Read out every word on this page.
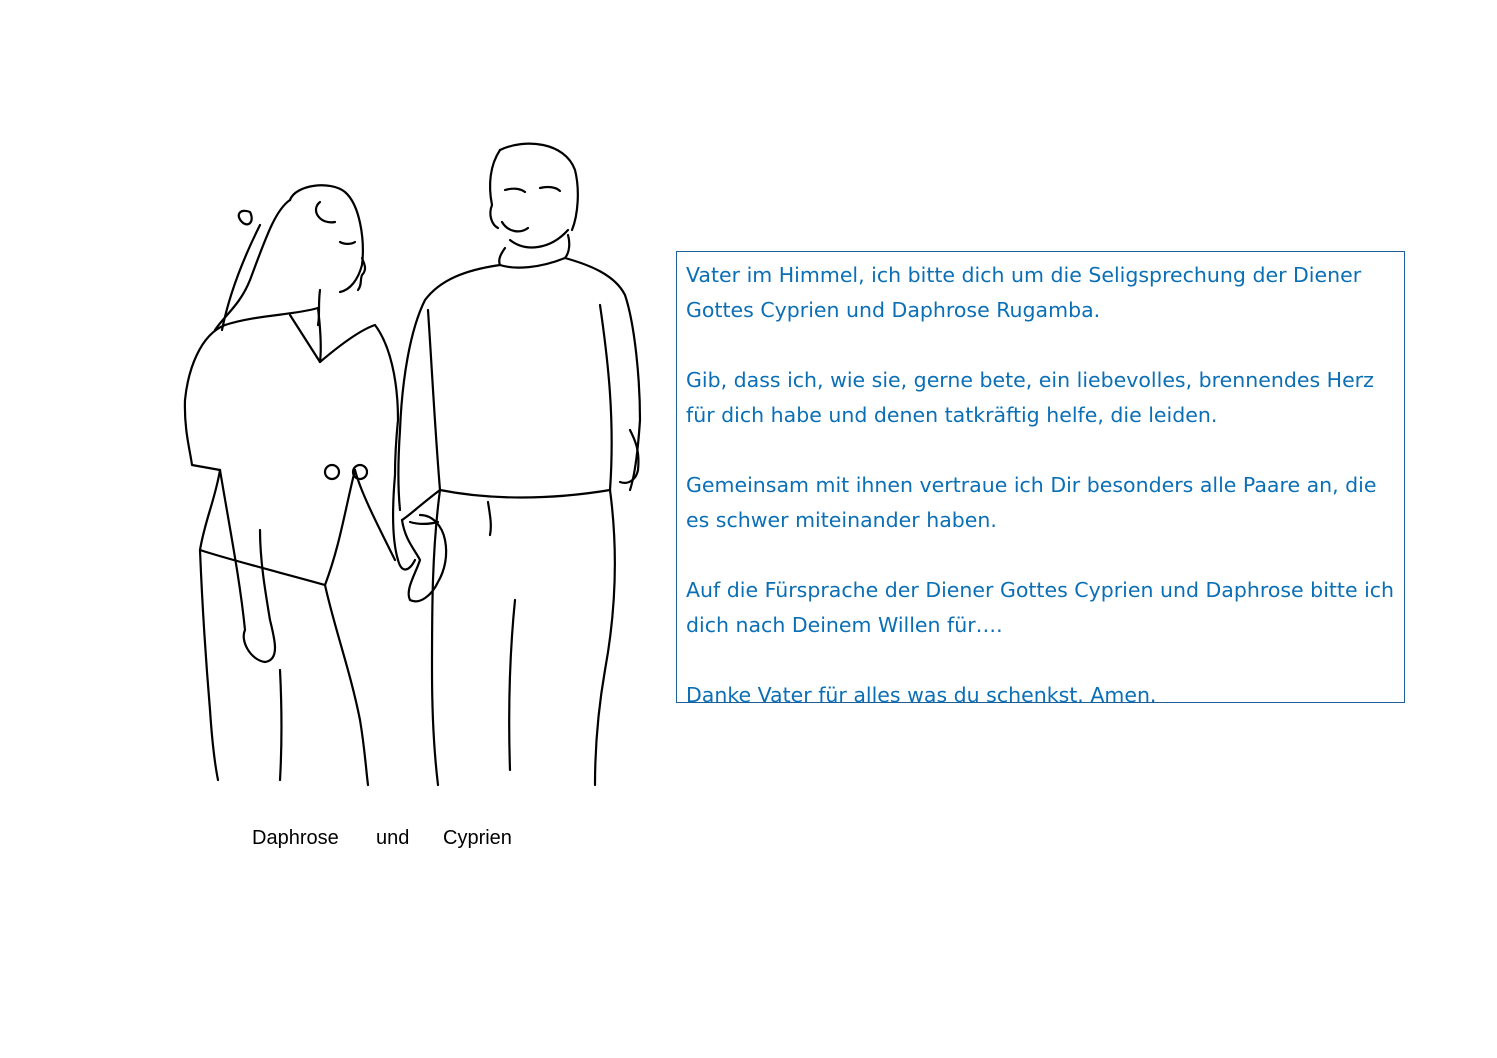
Daphrose	und	Cyprien

Vater im Himmel, ich bitte dich um die Seligsprechung der Diener Gottes Cyprien und Daphrose Rugamba.

Gib, dass ich, wie sie, gerne bete, ein liebevolles, brennendes Herz für dich habe und denen tatkräftig helfe, die leiden.

Gemeinsam mit ihnen vertraue ich Dir besonders alle Paare an, die es schwer miteinander haben.

Auf die Fürsprache der Diener Gottes Cyprien und Daphrose bitte ich dich nach Deinem Willen für….

Danke Vater für alles was du schenkst. Amen.
